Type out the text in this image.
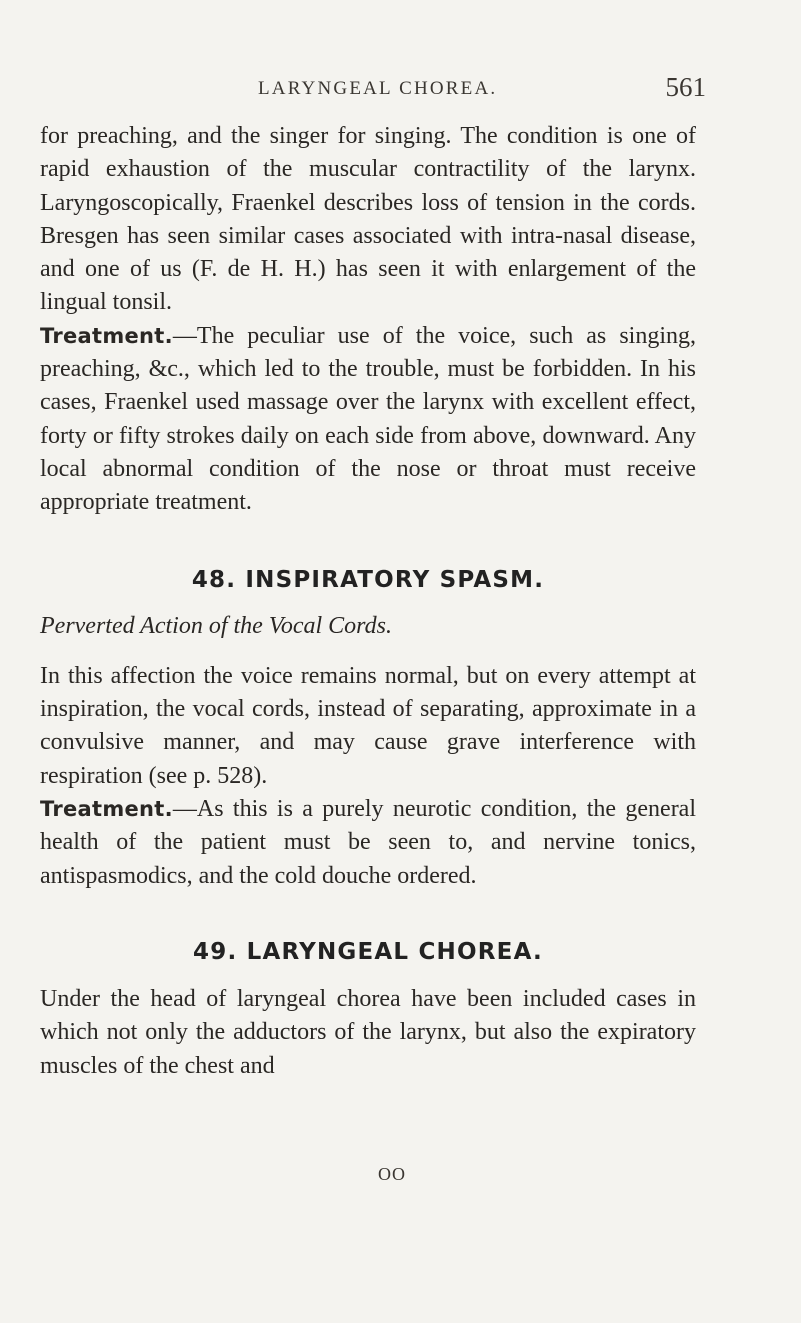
LARYNGEAL CHOREA.	561

for preaching, and the singer for singing. The condition is one of rapid exhaustion of the muscular contractility of the larynx. Laryngoscopically, Fraenkel describes loss of tension in the cords. Bresgen has seen similar cases associated with intra-nasal disease, and one of us (F. de H. H.) has seen it with enlargement of the lingual tonsil.

Treatment.—The peculiar use of the voice, such as singing, preaching, &c., which led to the trouble, must be forbidden. In his cases, Fraenkel used massage over the larynx with excellent effect, forty or fifty strokes daily on each side from above, downward. Any local abnormal condition of the nose or throat must receive appropriate treatment.

48. INSPIRATORY SPASM.

Perverted Action of the Vocal Cords.

In this affection the voice remains normal, but on every attempt at inspiration, the vocal cords, instead of separating, approximate in a convulsive manner, and may cause grave interference with respiration (see p. 528).

Treatment.—As this is a purely neurotic condition, the general health of the patient must be seen to, and nervine tonics, antispasmodics, and the cold douche ordered.

49. LARYNGEAL CHOREA.

Under the head of laryngeal chorea have been included cases in which not only the adductors of the larynx, but also the expiratory muscles of the chest and

OO
